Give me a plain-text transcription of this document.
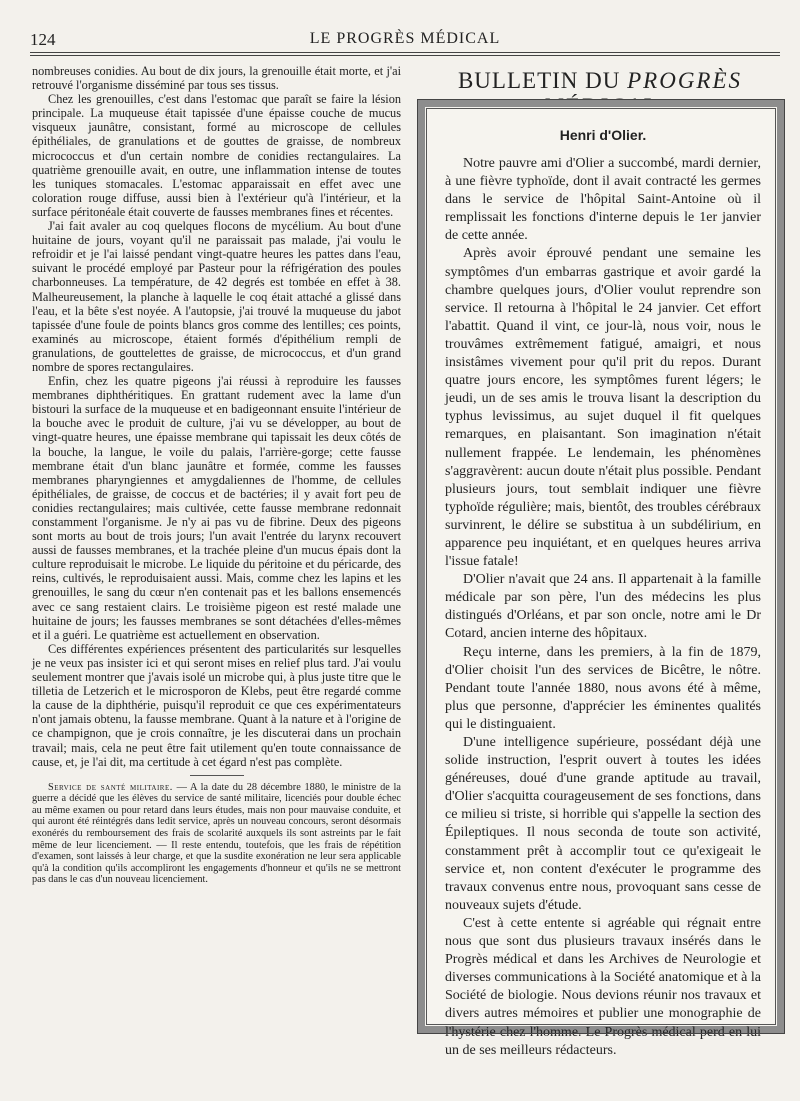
124	LE PROGRÈS MÉDICAL

nombreuses conidies. Au bout de dix jours, la grenouille était morte, et j'ai retrouvé l'organisme disséminé par tous ses tissus.

Chez les grenouilles, c'est dans l'estomac que paraît se faire la lésion principale. La muqueuse était tapissée d'une épaisse couche de mucus visqueux jaunâtre, consistant, formé au microscope de cellules épithéliales, de granulations et de gouttes de graisse, de nombreux micrococcus et d'un certain nombre de conidies rectangulaires. La quatrième grenouille avait, en outre, une inflammation intense de toutes les tuniques stomacales. L'estomac apparaissait en effet avec une coloration rouge diffuse, aussi bien à l'extérieur qu'à l'intérieur, et la surface péritonéale était couverte de fausses membranes fines et récentes.

J'ai fait avaler au coq quelques flocons de mycélium. Au bout d'une huitaine de jours, voyant qu'il ne paraissait pas malade, j'ai voulu le refroidir et je l'ai laissé pendant vingt-quatre heures les pattes dans l'eau, suivant le procédé employé par Pasteur pour la réfrigération des poules charbonneuses. La température, de 42 degrés est tombée en effet à 38. Malheureusement, la planche à laquelle le coq était attaché a glissé dans l'eau, et la bête s'est noyée. A l'autopsie, j'ai trouvé la muqueuse du jabot tapissée d'une foule de points blancs gros comme des lentilles; ces points, examinés au microscope, étaient formés d'épithélium rempli de granulations, de gouttelettes de graisse, de micrococcus, et d'un grand nombre de spores rectangulaires.

Enfin, chez les quatre pigeons j'ai réussi à reproduire les fausses membranes diphthéritiques. En grattant rudement avec la lame d'un bistouri la surface de la muqueuse et en badigeonnant ensuite l'intérieur de la bouche avec le produit de culture, j'ai vu se développer, au bout de vingt-quatre heures, une épaisse membrane qui tapissait les deux côtés de la bouche, la langue, le voile du palais, l'arrière-gorge; cette fausse membrane était d'un blanc jaunâtre et formée, comme les fausses membranes pharyngiennes et amygdaliennes de l'homme, de cellules épithéliales, de graisse, de coccus et de bactéries; il y avait fort peu de conidies rectangulaires; mais cultivée, cette fausse membrane redonnait constamment l'organisme. Je n'y ai pas vu de fibrine. Deux des pigeons sont morts au bout de trois jours; l'un avait l'entrée du larynx recouvert aussi de fausses membranes, et la trachée pleine d'un mucus épais dont la culture reproduisait le microbe. Le liquide du péritoine et du péricarde, des reins, cultivés, le reproduisaient aussi. Mais, comme chez les lapins et les grenouilles, le sang du cœur n'en contenait pas et les ballons ensemencés avec ce sang restaient clairs. Le troisième pigeon est resté malade une huitaine de jours; les fausses membranes se sont détachées d'elles-mêmes et il a guéri. Le quatrième est actuellement en observation.

Ces différentes expériences présentent des particularités sur lesquelles je ne veux pas insister ici et qui seront mises en relief plus tard. J'ai voulu seulement montrer que j'avais isolé un microbe qui, à plus juste titre que le tilletia de Letzerich et le microsporon de Klebs, peut être regardé comme la cause de la diphthérie, puisqu'il reproduit ce que ces expérimentateurs n'ont jamais obtenu, la fausse membrane. Quant à la nature et à l'origine de ce champignon, que je crois connaître, je les discuterai dans un prochain travail; mais, cela ne peut être fait utilement qu'en toute connaissance de cause, et, je l'ai dit, ma certitude à cet égard n'est pas complète.

Service de santé militaire. — A la date du 28 décembre 1880, le ministre de la guerre a décidé que les élèves du service de santé militaire, licenciés pour double échec au même examen ou pour retard dans leurs études, mais non pour mauvaise conduite, et qui auront été réintégrés dans ledit service, après un nouveau concours, seront désormais exonérés du remboursement des frais de scolarité auxquels ils sont astreints par le fait même de leur licenciement. — Il reste entendu, toutefois, que les frais de répétition d'examen, sont laissés à leur charge, et que la susdite exonération ne leur sera applicable qu'à la condition qu'ils accompliront les engagements d'honneur et qu'ils ne se mettront pas dans le cas d'un nouveau licenciement.

BULLETIN DU PROGRÈS
Henri d'Olier.

Notre pauvre ami d'Olier a succombé, mardi dernier, à une fièvre typhoïde, dont il avait contracté les germes dans le service de l'hôpital Saint-Antoine où il remplissait les fonctions d'interne depuis le 1er janvier de cette année.

Après avoir éprouvé pendant une semaine les symptômes d'un embarras gastrique et avoir gardé la chambre quelques jours, d'Olier voulut reprendre son service. Il retourna à l'hôpital le 24 janvier. Cet effort l'abattit. Quand il vint, ce jour-là, nous voir, nous le trouvâmes extrêmement fatigué, amaigri, et nous insistâmes vivement pour qu'il prit du repos. Durant quatre jours encore, les symptômes furent légers; le jeudi, un de ses amis le trouva lisant la description du typhus levissimus, au sujet duquel il fit quelques remarques, en plaisantant. Son imagination n'était nullement frappée. Le lendemain, les phénomènes s'aggravèrent: aucun doute n'était plus possible. Pendant plusieurs jours, tout semblait indiquer une fièvre typhoïde régulière; mais, bientôt, des troubles cérébraux survinrent, le délire se substitua à un subdélirium, en apparence peu inquiétant, et en quelques heures arriva l'issue fatale!

D'Olier n'avait que 24 ans. Il appartenait à la famille médicale par son père, l'un des médecins les plus distingués d'Orléans, et par son oncle, notre ami le Dr Cotard, ancien interne des hôpitaux.

Reçu interne, dans les premiers, à la fin de 1879, d'Olier choisit l'un des services de Bicêtre, le nôtre. Pendant toute l'année 1880, nous avons été à même, plus que personne, d'apprécier les éminentes qualités qui le distinguaient.

D'une intelligence supérieure, possédant déjà une solide instruction, l'esprit ouvert à toutes les idées généreuses, doué d'une grande aptitude au travail, d'Olier s'acquitta courageusement de ses fonctions, dans ce milieu si triste, si horrible qui s'appelle la section des Épileptiques. Il nous seconda de toute son activité, constamment prêt à accomplir tout ce qu'exigeait le service et, non content d'exécuter le programme des travaux convenus entre nous, provoquant sans cesse de nouveaux sujets d'étude.

C'est à cette entente si agréable qui régnait entre nous que sont dus plusieurs travaux insérés dans le Progrès médical et dans les Archives de Neurologie et diverses communications à la Société anatomique et à la Société de biologie. Nous devions réunir nos travaux et divers autres mémoires et publier une monographie de l'hystérie chez l'homme. Le Progrès médical perd en lui un de ses meilleurs rédacteurs.
